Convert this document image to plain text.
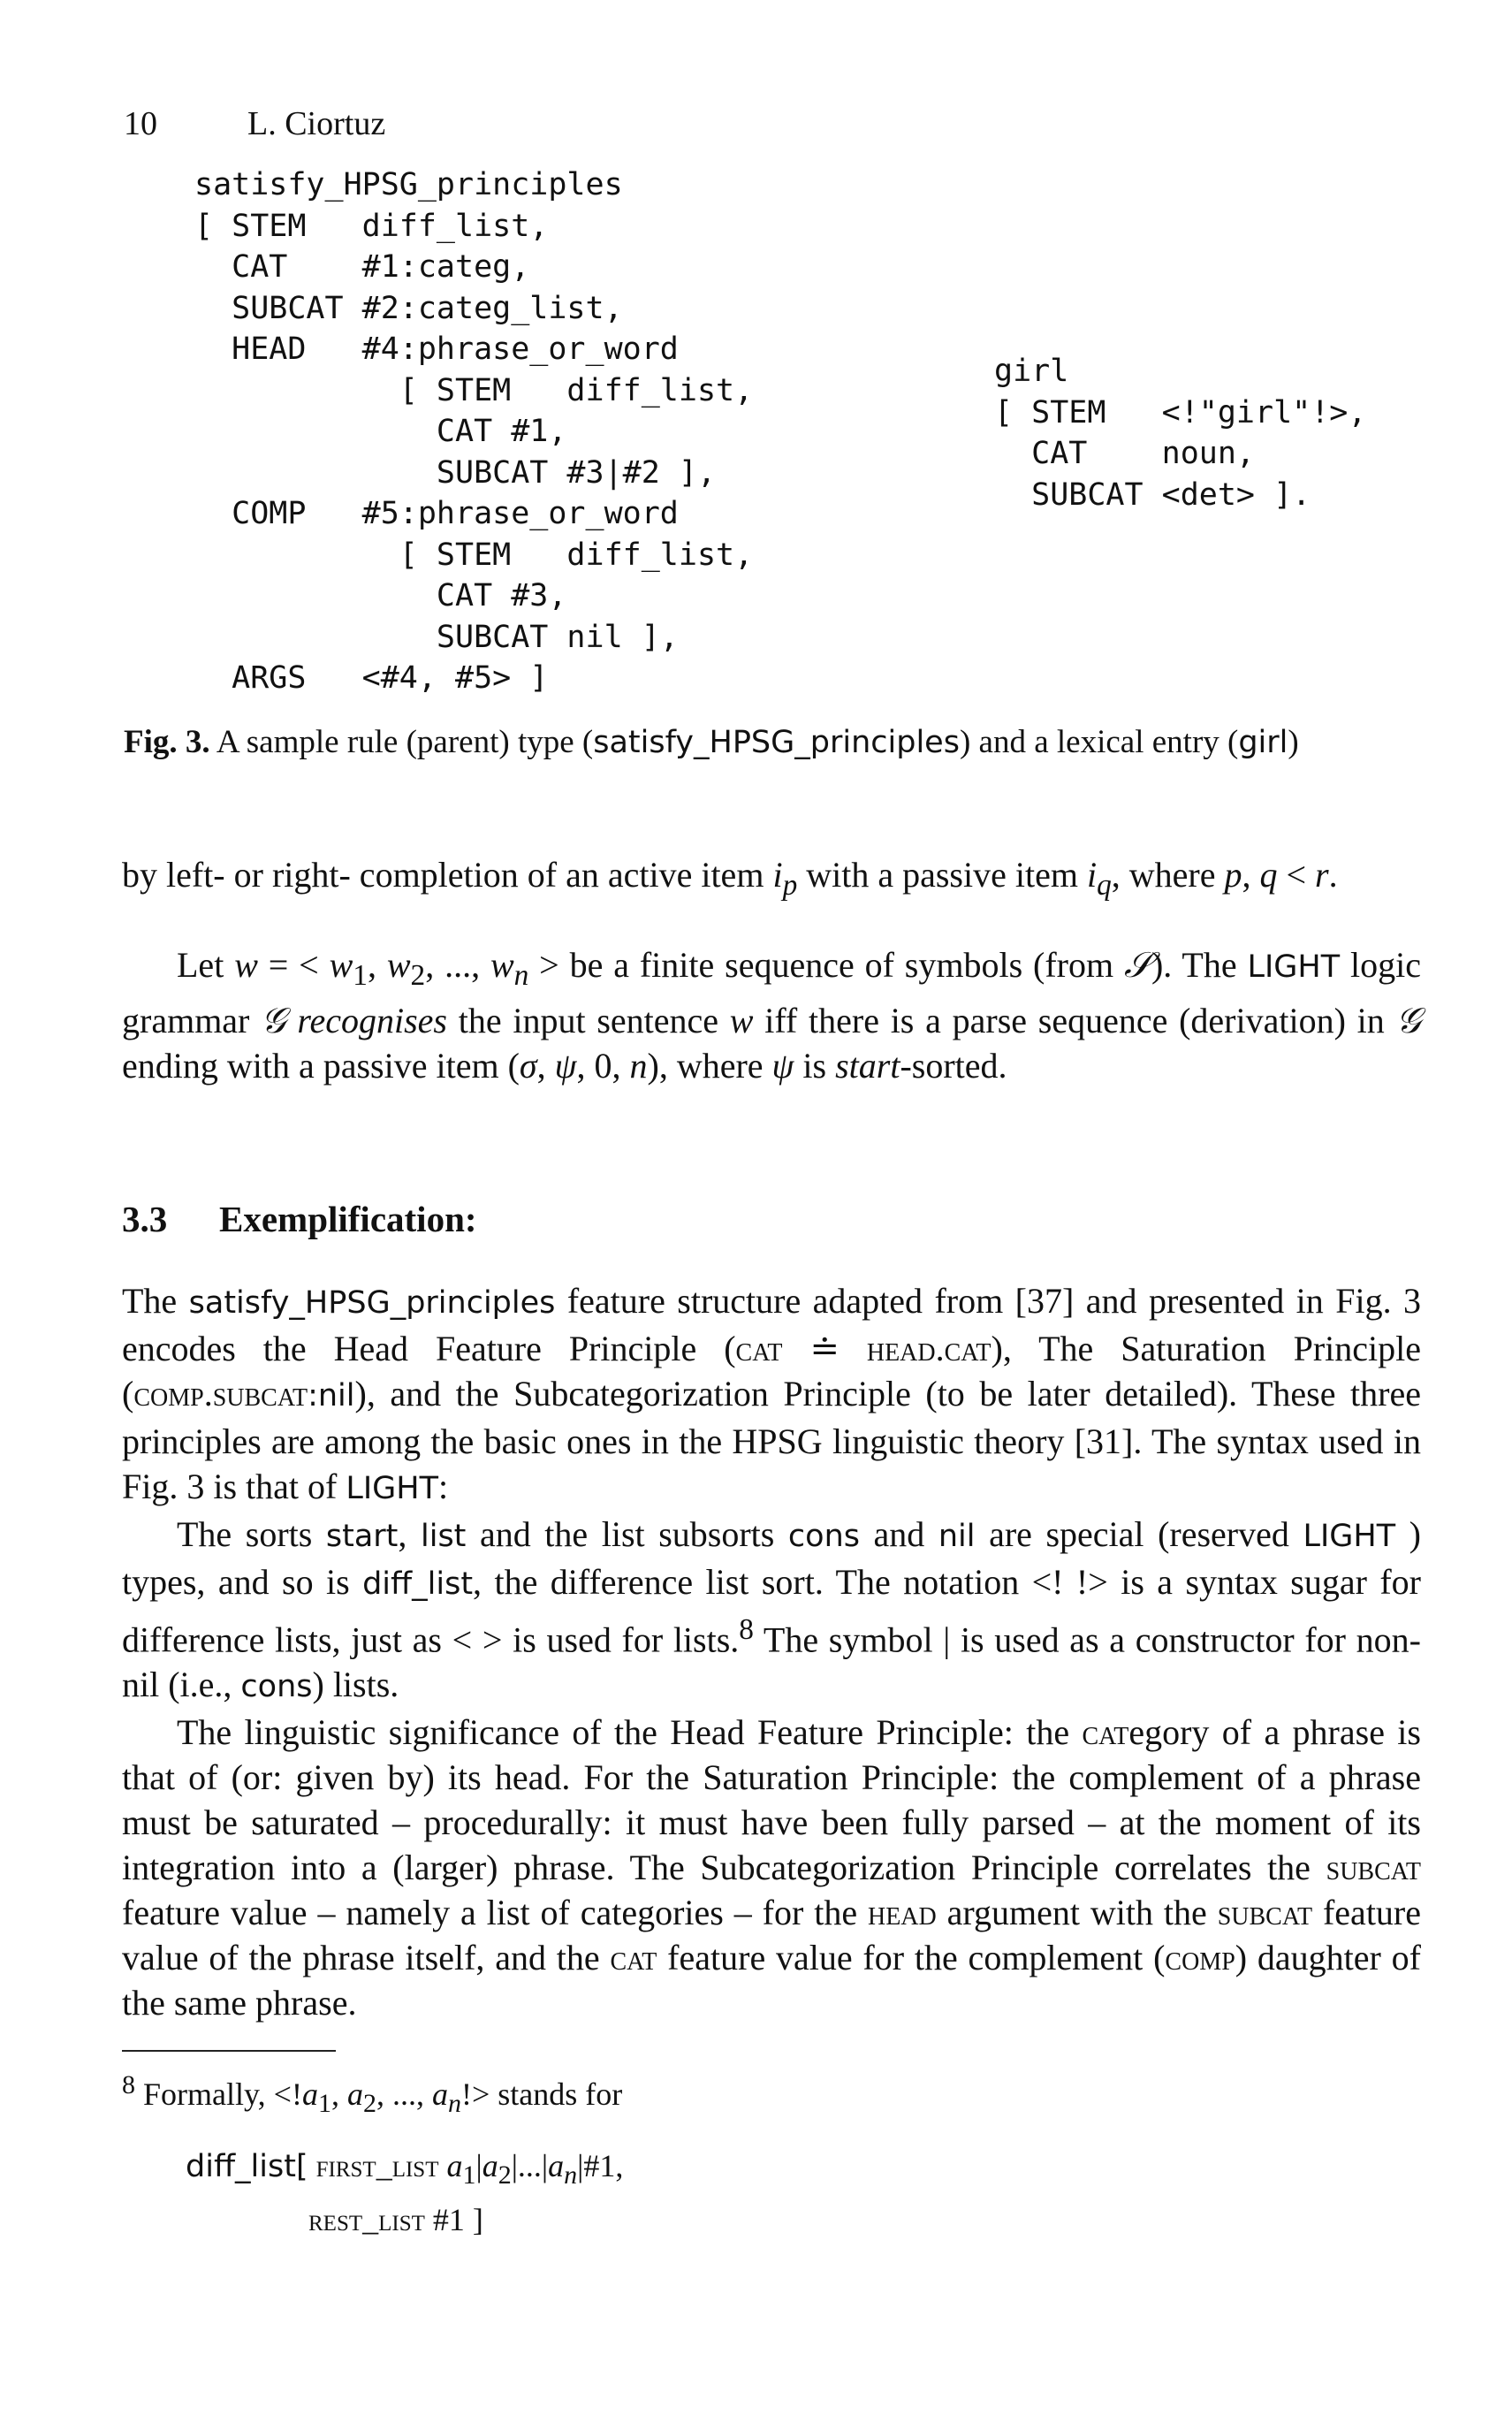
10	L. Ciortuz
satisfy_HPSG_principles
[ STEM   diff_list,
CAT    #1:categ,
SUBCAT #2:categ_list,
HEAD   #4:phrase_or_word
[ STEM   diff_list,
CAT #1,
SUBCAT #3|#2 ],
COMP   #5:phrase_or_word
[ STEM   diff_list,
CAT #3,
SUBCAT nil ],
ARGS   <#4, #5> ]
girl
[ STEM   <!"girl"!>,
CAT    noun,
SUBCAT <det> ].
Fig. 3. A sample rule (parent) type (satisfy_HPSG_principles) and a lexical entry (girl)

by left- or right- completion of an active item $i_p$ with a passive item $i_q$, where p, q < r.

Let w = < $w_1$, $w_2$, ..., $w_n$ > be a finite sequence of symbols (from 𝒮). The LIGHT logic grammar 𝒢 recognises the input sentence w iff there is a parse sequence (derivation) in 𝒢 ending with a passive item (σ, ψ, 0, n), where ψ is start-sorted.

3.3 Exemplification:

The satisfy_HPSG_principles feature structure adapted from [37] and presented in Fig. 3 encodes the Head Feature Principle (cat ≐ head.cat), The Saturation Principle (comp.subcat:nil), and the Subcategorization Principle (to be later detailed). These three principles are among the basic ones in the HPSG linguistic theory [31]. The syntax used in Fig. 3 is that of LIGHT:

The sorts start, list and the list subsorts cons and nil are special (reserved LIGHT ) types, and so is diff_list, the difference list sort. The notation <! !> is a syntax sugar for difference lists, just as < > is used for lists.$^8$ The symbol | is used as a constructor for non-nil (i.e., cons) lists.

The linguistic significance of the Head Feature Principle: the category of a phrase is that of (or: given by) its head. For the Saturation Principle: the complement of a phrase must be saturated – procedurally: it must have been fully parsed – at the moment of its integration into a (larger) phrase. The Subcategorization Principle correlates the subcat feature value – namely a list of categories – for the head argument with the subcat feature value of the phrase itself, and the cat feature value for the complement (comp) daughter of the same phrase.

$^8$ Formally, $<!a_1$, $a_2$, ..., $a_n!>$ stands for
diff_list[ first_list $a_1|a_2|...|a_n|\#1$,
rest_list #1 ]
